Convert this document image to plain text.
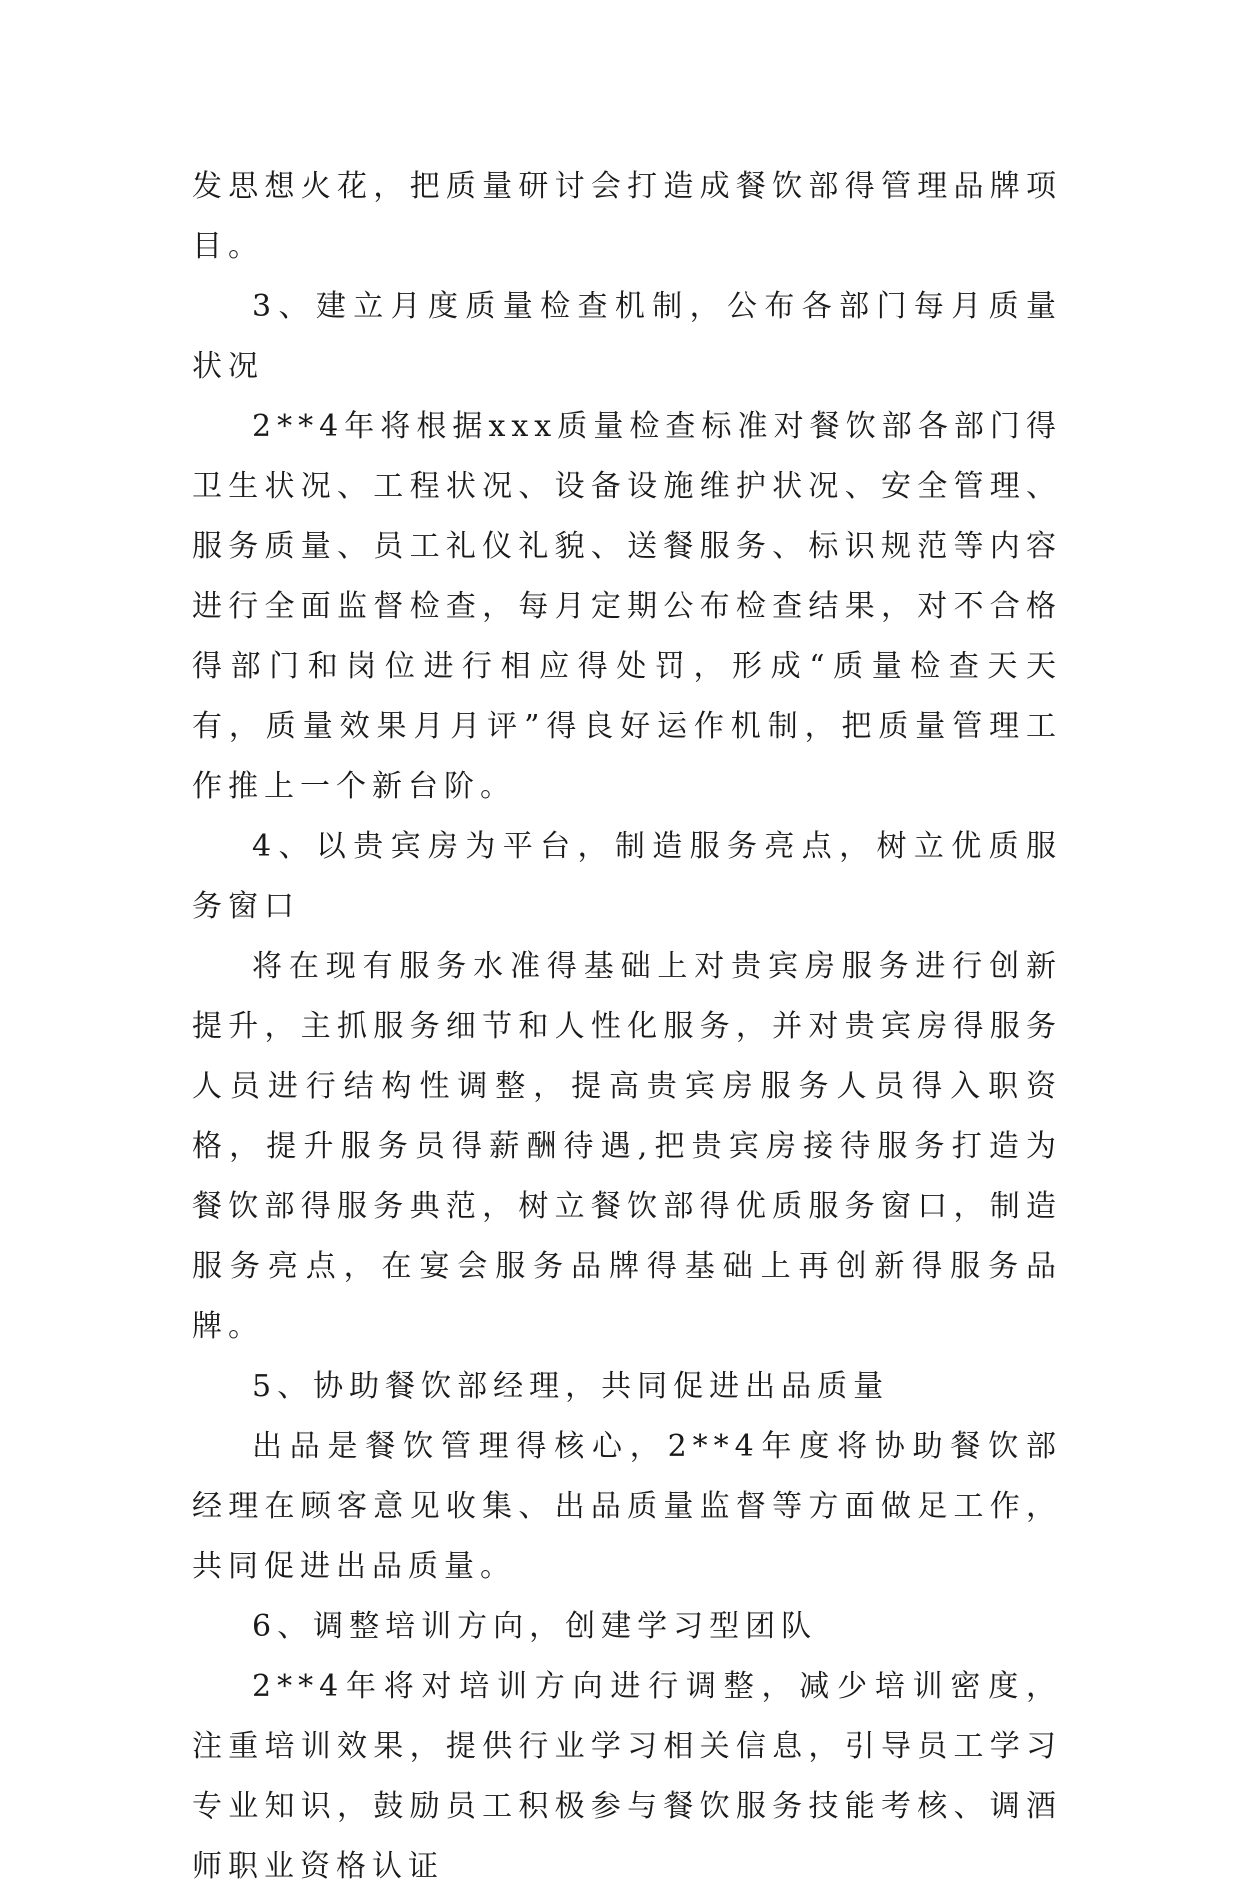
发思想火花，把质量研讨会打造成餐饮部得管理品牌项目。

3、建立月度质量检查机制，公布各部门每月质量状况

2**4年将根据xxx质量检查标准对餐饮部各部门得卫生状况、工程状况、设备设施维护状况、安全管理、服务质量、员工礼仪礼貌、送餐服务、标识规范等内容进行全面监督检查，每月定期公布检查结果，对不合格得部门和岗位进行相应得处罚，形成“质量检查天天有，质量效果月月评”得良好运作机制，把质量管理工作推上一个新台阶。

4、以贵宾房为平台，制造服务亮点，树立优质服务窗口

将在现有服务水准得基础上对贵宾房服务进行创新提升，主抓服务细节和人性化服务，并对贵宾房得服务人员进行结构性调整，提高贵宾房服务人员得入职资格，提升服务员得薪酬待遇,把贵宾房接待服务打造为餐饮部得服务典范，树立餐饮部得优质服务窗口，制造服务亮点，在宴会服务品牌得基础上再创新得服务品牌。

5、协助餐饮部经理，共同促进出品质量

出品是餐饮管理得核心，2**4年度将协助餐饮部经理在顾客意见收集、出品质量监督等方面做足工作，共同促进出品质量。

6、调整培训方向，创建学习型团队

2**4年将对培训方向进行调整，减少培训密度，注重培训效果，提供行业学习相关信息，引导员工学习专业知识，鼓励员工积极参与餐饮服务技能考核、调酒师职业资格认证
